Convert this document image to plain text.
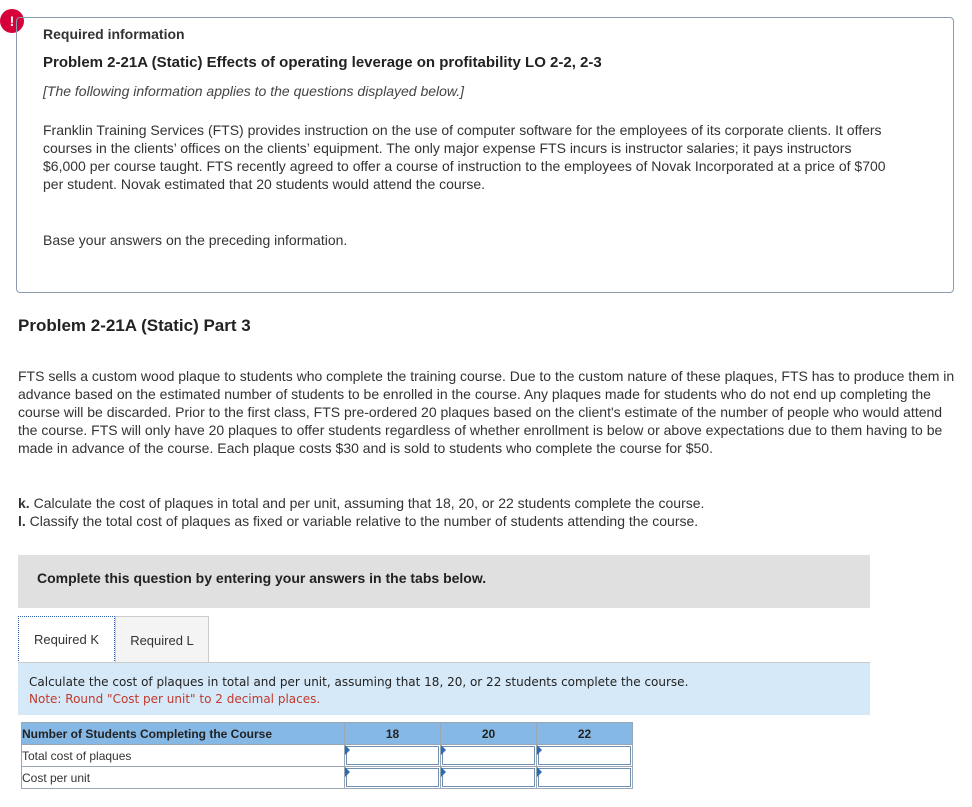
!
Required information
Problem 2-21A (Static) Effects of operating leverage on profitability LO 2-2, 2-3
[The following information applies to the questions displayed below.]
Franklin Training Services (FTS) provides instruction on the use of computer software for the employees of its corporate clients. It offers courses in the clients’ offices on the clients’ equipment. The only major expense FTS incurs is instructor salaries; it pays instructors $6,000 per course taught. FTS recently agreed to offer a course of instruction to the employees of Novak Incorporated at a price of $700 per student. Novak estimated that 20 students would attend the course.
Base your answers on the preceding information.
Problem 2-21A (Static) Part 3
FTS sells a custom wood plaque to students who complete the training course. Due to the custom nature of these plaques, FTS has to produce them in advance based on the estimated number of students to be enrolled in the course. Any plaques made for students who do not end up completing the course will be discarded. Prior to the first class, FTS pre-ordered 20 plaques based on the client's estimate of the number of people who would attend the course. FTS will only have 20 plaques to offer students regardless of whether enrollment is below or above expectations due to them having to be made in advance of the course. Each plaque costs $30 and is sold to students who complete the course for $50.
k. Calculate the cost of plaques in total and per unit, assuming that 18, 20, or 22 students complete the course.
l. Classify the total cost of plaques as fixed or variable relative to the number of students attending the course.
Complete this question by entering your answers in the tabs below.
Required K	Required L
Calculate the cost of plaques in total and per unit, assuming that 18, 20, or 22 students complete the course.
Note: Round "Cost per unit" to 2 decimal places.
Number of Students Completing the Course	18	20	22
Total cost of plaques	

Cost per unit	
